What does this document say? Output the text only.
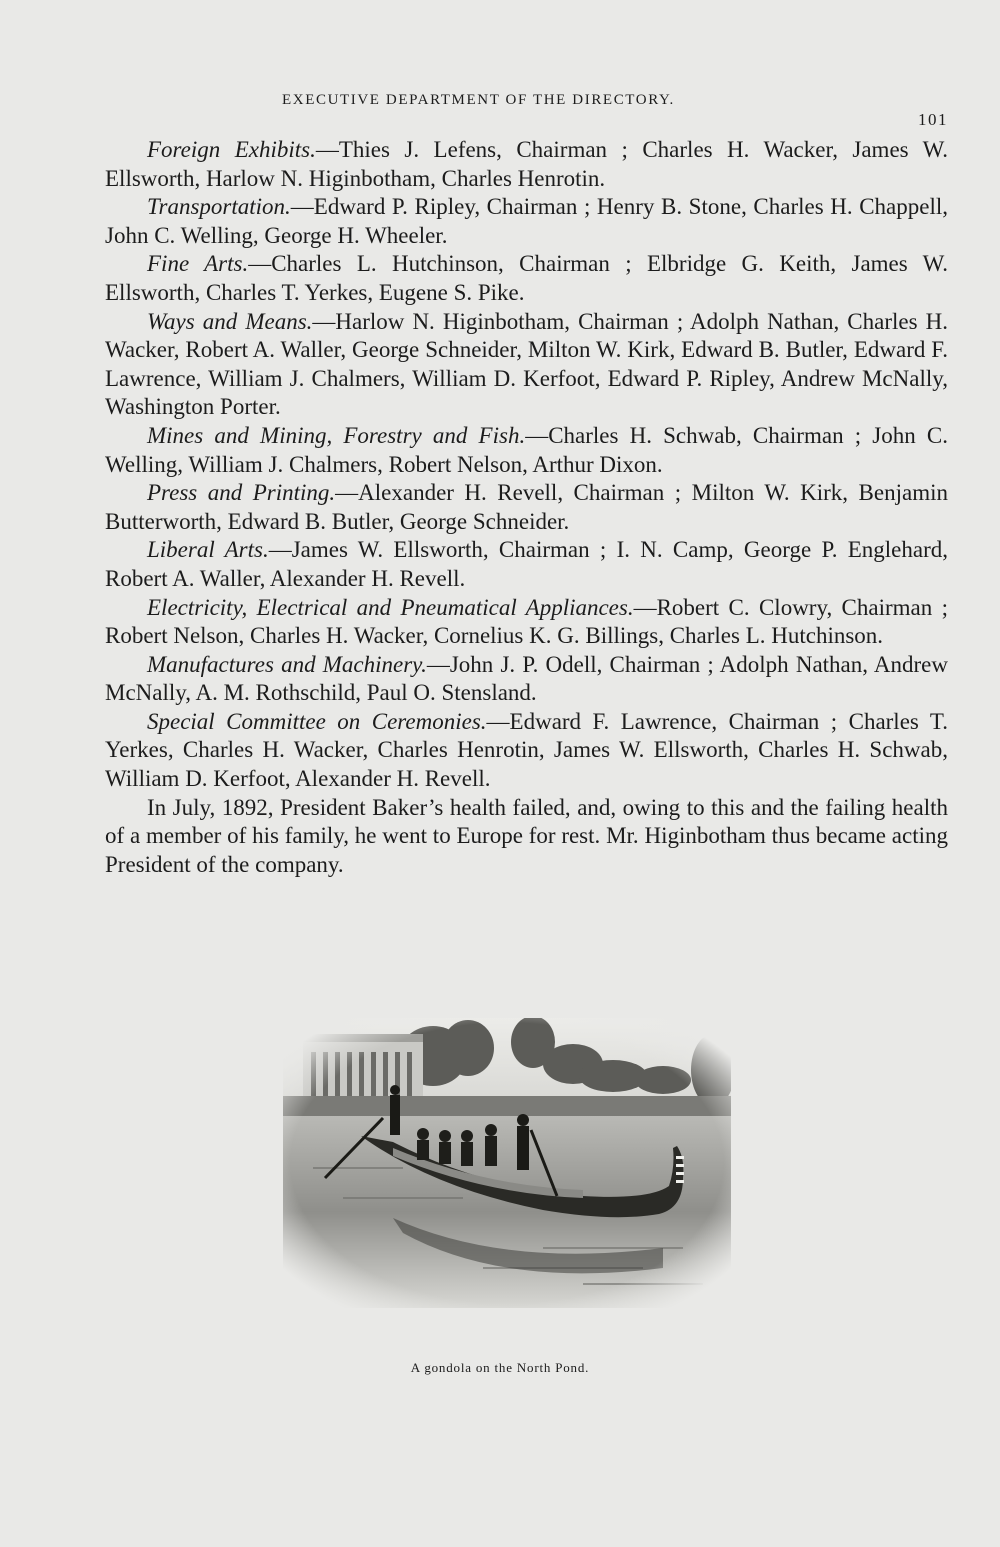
EXECUTIVE DEPARTMENT OF THE DIRECTORY.
101

Foreign Exhibits.—Thies J. Lefens, Chairman ; Charles H. Wacker, James W. Ellsworth, Harlow N. Higinbotham, Charles Henrotin.

Transportation.—Edward P. Ripley, Chairman ; Henry B. Stone, Charles H. Chappell, John C. Welling, George H. Wheeler.

Fine Arts.—Charles L. Hutchinson, Chairman ; Elbridge G. Keith, James W. Ellsworth, Charles T. Yerkes, Eugene S. Pike.

Ways and Means.—Harlow N. Higinbotham, Chairman ; Adolph Nathan, Charles H. Wacker, Robert A. Waller, George Schneider, Milton W. Kirk, Edward B. Butler, Edward F. Lawrence, William J. Chalmers, William D. Kerfoot, Edward P. Ripley, Andrew McNally, Washington Porter.

Mines and Mining, Forestry and Fish.—Charles H. Schwab, Chairman ; John C. Welling, William J. Chalmers, Robert Nelson, Arthur Dixon.

Press and Printing.—Alexander H. Revell, Chairman ; Milton W. Kirk, Benjamin Butterworth, Edward B. Butler, George Schneider.

Liberal Arts.—James W. Ellsworth, Chairman ; I. N. Camp, George P. Englehard, Robert A. Waller, Alexander H. Revell.

Electricity, Electrical and Pneumatical Appliances.—Robert C. Clowry, Chairman ; Robert Nelson, Charles H. Wacker, Cornelius K. G. Billings, Charles L. Hutchinson.

Manufactures and Machinery.—John J. P. Odell, Chairman ; Adolph Nathan, Andrew McNally, A. M. Rothschild, Paul O. Stensland.

Special Committee on Ceremonies.—Edward F. Lawrence, Chairman ; Charles T. Yerkes, Charles H. Wacker, Charles Henrotin, James W. Ellsworth, Charles H. Schwab, William D. Kerfoot, Alexander H. Revell.

In July, 1892, President Baker’s health failed, and, owing to this and the failing health of a member of his family, he went to Europe for rest. Mr. Higinbotham thus became acting President of the company.

A gondola on the North Pond.
